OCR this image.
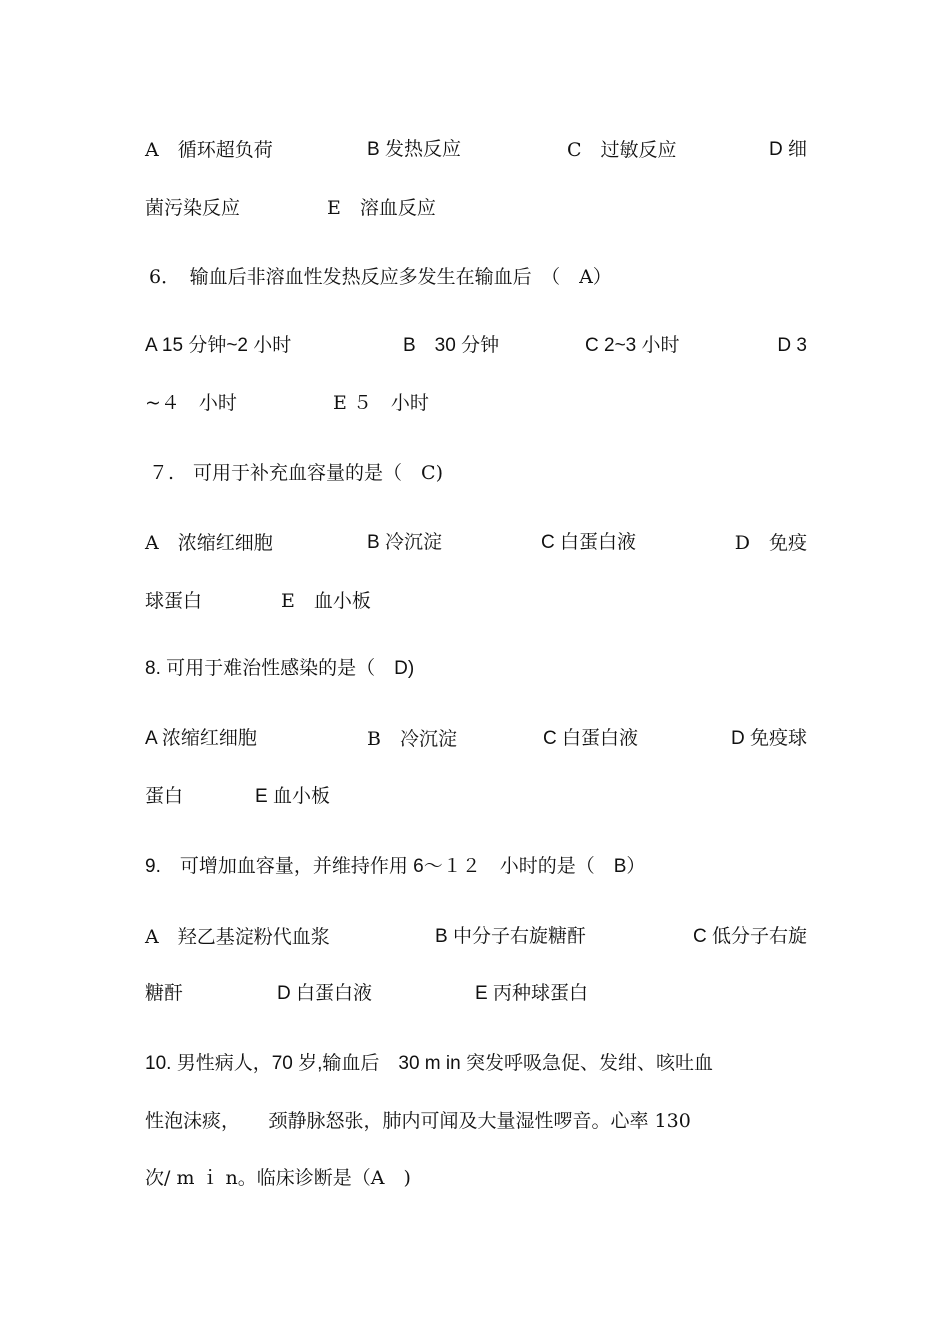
A　循环超负荷	B 发热反应	C　过敏反应	D 细
菌污染反应	E　溶血反应
6．　输血后非溶血性发热反应多发生在输血后　（　A）
A 15 分钟~2 小时	B　30 分钟	C 2~3 小时	D 3
~４　小时	E ５　小时
７.　可用于补充血容量的是（　C)
A　浓缩红细胞	B 冷沉淀	C 白蛋白液	D　免疫
球蛋白	E　血小板
8. 可用于难治性感染的是（　D)
A 浓缩红细胞	B　冷沉淀	C 白蛋白液	D 免疫球
蛋白	E 血小板
9.　可增加血容量，并维持作用 6～１２　小时的是（　B）
A　羟乙基淀粉代血浆	B 中分子右旋糖酐	C 低分子右旋
糖酐	D 白蛋白液	E 丙种球蛋白
10. 男性病人，70 岁,输血后　30 m in 突发呼吸急促、发绀、咳吐血
性泡沫痰，　　颈静脉怒张，肺内可闻及大量湿性啰音。心率 130
次/ m ｉ n。临床诊断是（A　)
